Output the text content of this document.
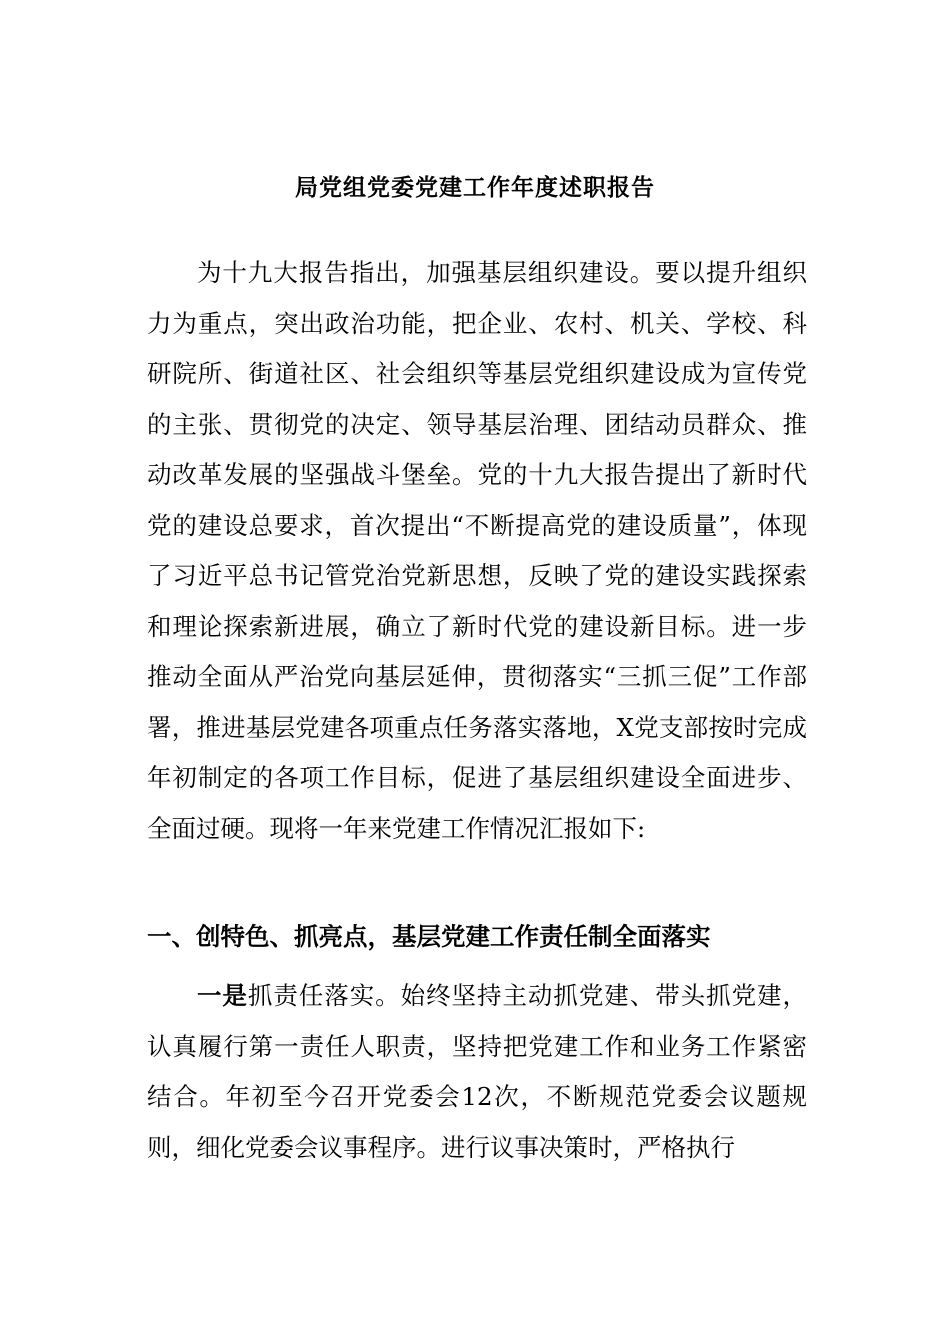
局党组党委党建工作年度述职报告
为十九大报告指出，加强基层组织建设。要以提升组织力为重点，突出政治功能，把企业、农村、机关、学校、科研院所、街道社区、社会组织等基层党组织建设成为宣传党的主张、贯彻党的决定、领导基层治理、团结动员群众、推动改革发展的坚强战斗堡垒。党的十九大报告提出了新时代党的建设总要求，首次提出“不断提高党的建设质量”，体现了习近平总书记管党治党新思想，反映了党的建设实践探索和理论探索新进展，确立了新时代党的建设新目标。进一步推动全面从严治党向基层延伸，贯彻落实“三抓三促”工作部署，推进基层党建各项重点任务落实落地，X党支部按时完成年初制定的各项工作目标，促进了基层组织建设全面进步、全面过硬。现将一年来党建工作情况汇报如下:
一、创特色、抓亮点，基层党建工作责任制全面落实
一是抓责任落实。始终坚持主动抓党建、带头抓党建，认真履行第一责任人职责，坚持把党建工作和业务工作紧密结合。年初至今召开党委会12次，不断规范党委会议题规则，细化党委会议事程序。进行议事决策时，严格执行
